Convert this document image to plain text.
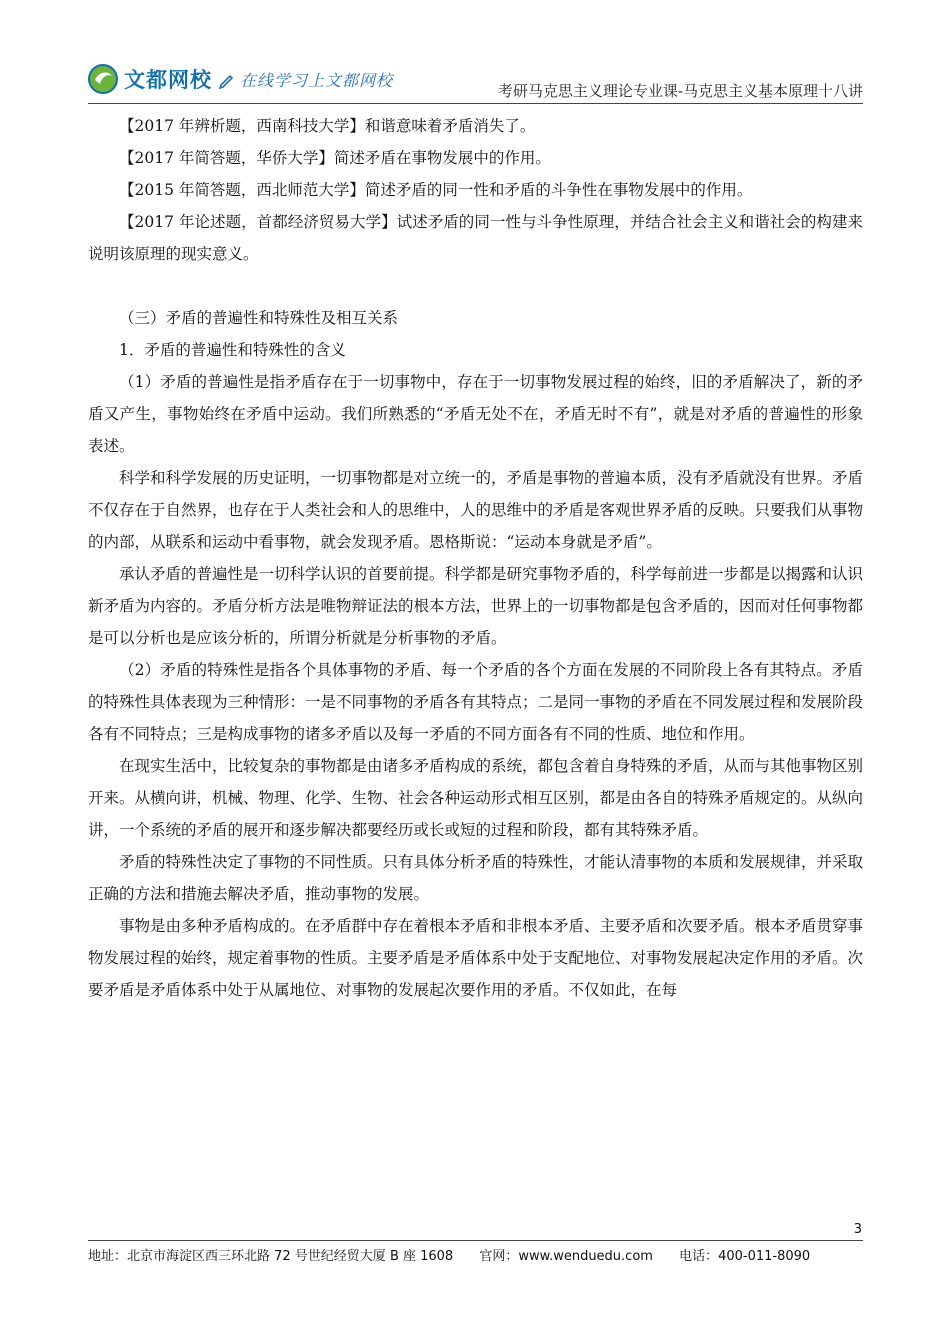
文都网校 在线学习上文都网校
考研马克思主义理论专业课-马克思主义基本原理十八讲

【2017 年辨析题，西南科技大学】和谐意味着矛盾消失了。

【2017 年简答题，华侨大学】简述矛盾在事物发展中的作用。

【2015 年简答题，西北师范大学】简述矛盾的同一性和矛盾的斗争性在事物发展中的作用。

【2017 年论述题，首都经济贸易大学】试述矛盾的同一性与斗争性原理，并结合社会主义和谐社会的构建来说明该原理的现实意义。

（三）矛盾的普遍性和特殊性及相互关系

1．矛盾的普遍性和特殊性的含义

（1）矛盾的普遍性是指矛盾存在于一切事物中，存在于一切事物发展过程的始终，旧的矛盾解决了，新的矛盾又产生，事物始终在矛盾中运动。我们所熟悉的“矛盾无处不在，矛盾无时不有”，就是对矛盾的普遍性的形象表述。

科学和科学发展的历史证明，一切事物都是对立统一的，矛盾是事物的普遍本质，没有矛盾就没有世界。矛盾不仅存在于自然界，也存在于人类社会和人的思维中，人的思维中的矛盾是客观世界矛盾的反映。只要我们从事物的内部，从联系和运动中看事物，就会发现矛盾。恩格斯说：“运动本身就是矛盾”。

承认矛盾的普遍性是一切科学认识的首要前提。科学都是研究事物矛盾的，科学每前进一步都是以揭露和认识新矛盾为内容的。矛盾分析方法是唯物辩证法的根本方法，世界上的一切事物都是包含矛盾的，因而对任何事物都是可以分析也是应该分析的，所谓分析就是分析事物的矛盾。

（2）矛盾的特殊性是指各个具体事物的矛盾、每一个矛盾的各个方面在发展的不同阶段上各有其特点。矛盾的特殊性具体表现为三种情形：一是不同事物的矛盾各有其特点；二是同一事物的矛盾在不同发展过程和发展阶段各有不同特点；三是构成事物的诸多矛盾以及每一矛盾的不同方面各有不同的性质、地位和作用。

在现实生活中，比较复杂的事物都是由诸多矛盾构成的系统，都包含着自身特殊的矛盾，从而与其他事物区别开来。从横向讲，机械、物理、化学、生物、社会各种运动形式相互区别，都是由各自的特殊矛盾规定的。从纵向讲，一个系统的矛盾的展开和逐步解决都要经历或长或短的过程和阶段，都有其特殊矛盾。

矛盾的特殊性决定了事物的不同性质。只有具体分析矛盾的特殊性，才能认清事物的本质和发展规律，并采取正确的方法和措施去解决矛盾，推动事物的发展。

事物是由多种矛盾构成的。在矛盾群中存在着根本矛盾和非根本矛盾、主要矛盾和次要矛盾。根本矛盾贯穿事物发展过程的始终，规定着事物的性质。主要矛盾是矛盾体系中处于支配地位、对事物发展起决定作用的矛盾。次要矛盾是矛盾体系中处于从属地位、对事物的发展起次要作用的矛盾。不仅如此，在每

3
地址：北京市海淀区西三环北路 72 号世纪经贸大厦 B 座 1608 官网：www.wenduedu.com 电话：400-011-8090
